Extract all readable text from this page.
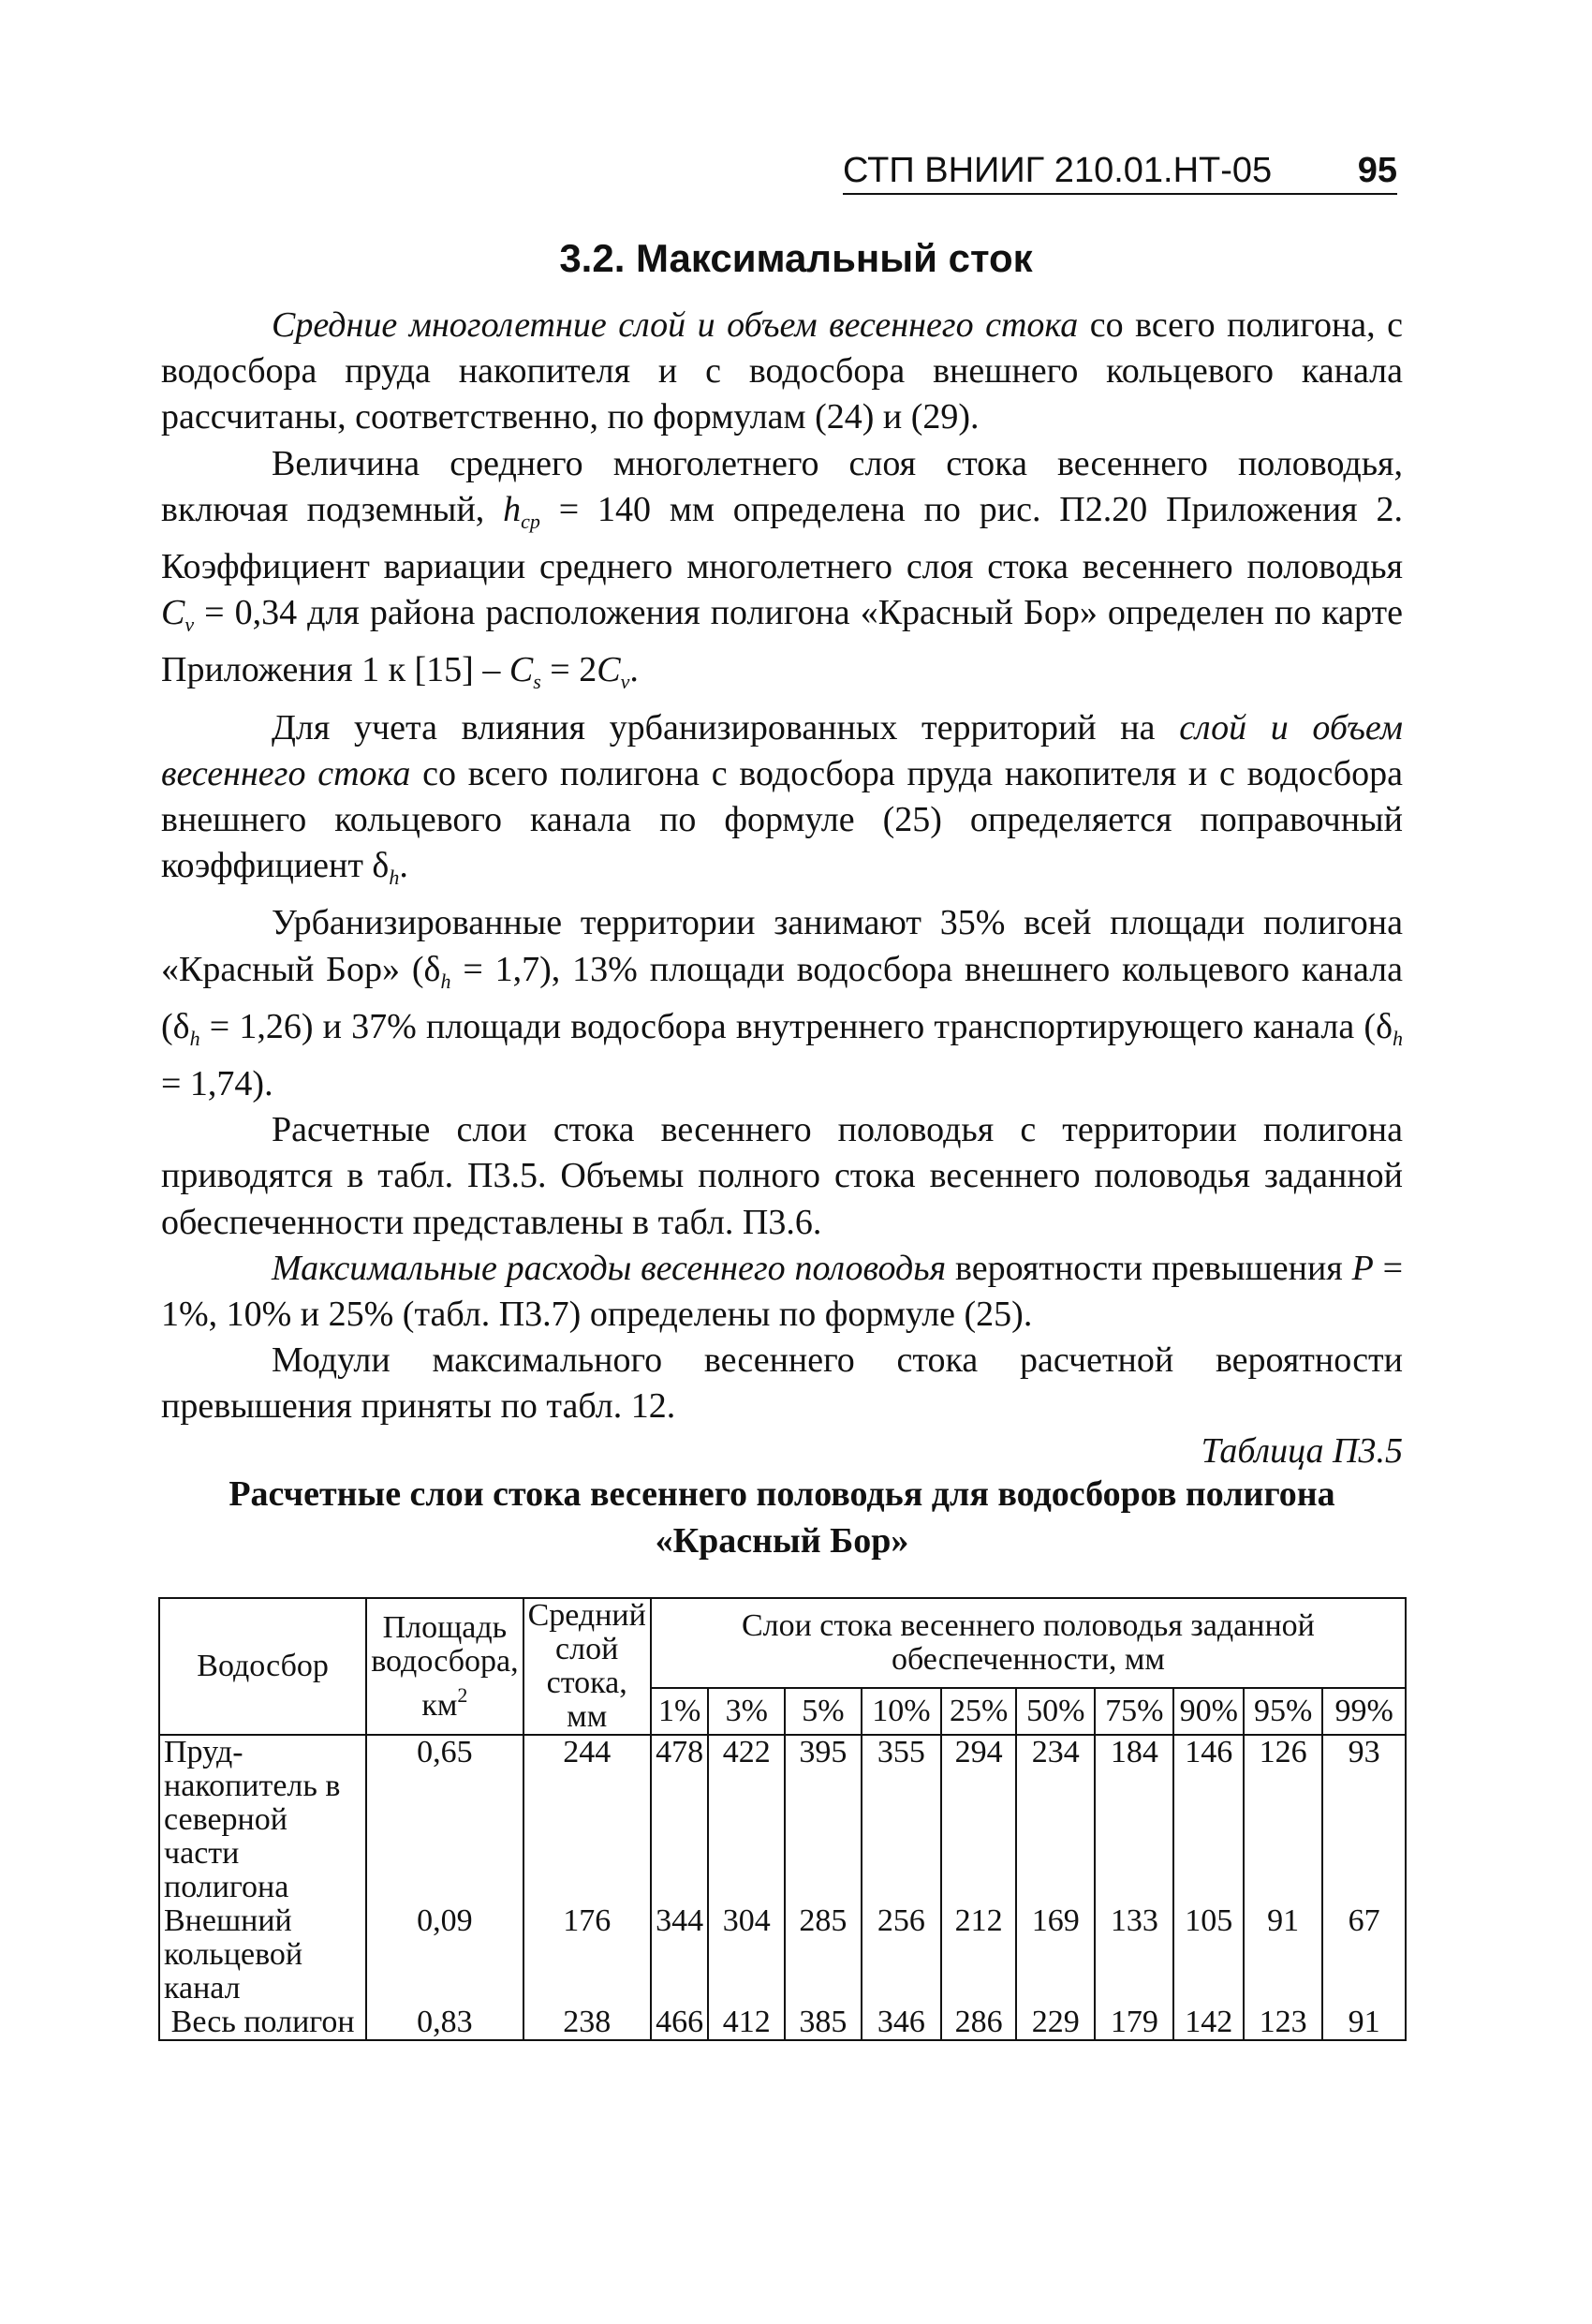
СТП ВНИИГ 210.01.НТ-05 95
3.2. Максимальный сток

Средние многолетние слой и объем весеннего стока со всего полигона, с водосбора пруда накопителя и с водосбора внешнего кольцевого канала рассчитаны, соответственно, по формулам (24) и (29).

Величина среднего многолетнего слоя стока весеннего половодья, включая подземный, $h_{ср} = 140$ мм определена по рис. П2.20 Приложения 2. Коэффициент вариации среднего многолетнего слоя стока весеннего половодья $C_v = 0,34$ для района расположения полигона «Красный Бор» определен по карте Приложения 1 к $[15] - C_s = 2C_v$.

Для учета влияния урбанизированных территорий на слой и объем весеннего стока со всего полигона с водосбора пруда накопителя и с водосбора внешнего кольцевого канала по формуле (25) определяется поправочный коэффициент $\delta_h$.

Урбанизированные территории занимают 35% всей площади полигона «Красный Бор» $(\delta_h = 1,7)$, 13% площади водосбора внешнего кольцевого канала $(\delta_h = 1,26)$ и 37% площади водосбора внутреннего транспортирующего канала $(\delta_h = 1,74)$.

Расчетные слои стока весеннего половодья с территории полигона приводятся в табл. П3.5. Объемы полного стока весеннего половодья заданной обеспеченности представлены в табл. П3.6.

Максимальные расходы весеннего половодья вероятности превышения P = 1%, 10% и 25% (табл. П3.7) определены по формуле (25).

Модули максимального весеннего стока расчетной вероятности превышения приняты по табл. 12.

Таблица П3.5
Расчетные слои стока весеннего половодья для водосборов полигона
«Красный Бор»
Водосбор	Площадь водосбора, $км^2$	Средний слой стока, мм	Слои стока весеннего половодья заданной обеспеченности, мм									
			1%	3%	5%	10%	25%	50%	75%	90%	95%	99%
Пруд-накопитель в северной части полигона	0,65	244	478	422	395	355	294	234	184	146	126	93
Внешний кольцевой канал	0,09	176	344	304	285	256	212	169	133	105	91	67
Весь полигон	0,83	238	466	412	385	346	286	229	179	142	123	91
